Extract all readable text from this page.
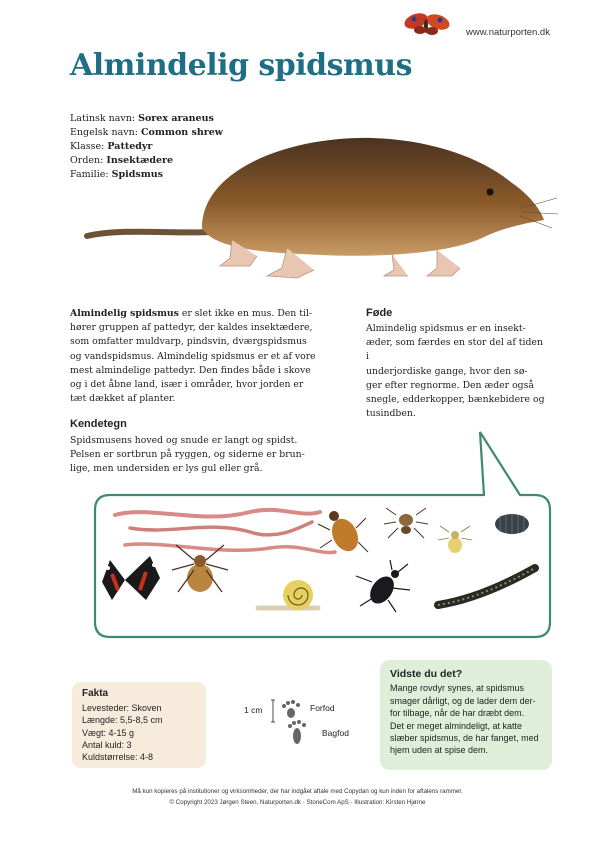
www.naturporten.dk
Almindelig spidsmus
Latinsk navn: Sorex araneus
Engelsk navn: Common shrew
Klasse: Pattedyr
Orden: Insektædere
Familie: Spidsmus
Almindelig spidsmus er slet ikke en mus. Den til-
hører gruppen af pattedyr, der kaldes insektædere,
som omfatter muldvarp, pindsvin, dværgspidsmus
og vandspidsmus. Almindelig spidsmus er et af vore
mest almindelige pattedyr. Den findes både i skove
og i det åbne land, især i områder, hvor jorden er
tæt dækket af planter.
Kendetegn
Spidsmusens hoved og snude er langt og spidst.
Pelsen er sortbrun på ryggen, og siderne er brun-
lige, men undersiden er lys gul eller grå.
Føde
Almindelig spidsmus er en insekt-
æder, som færdes en stor del af tiden i
underjordiske gange, hvor den sø-
ger efter regnorme. Den æder også
snegle, edderkopper, bænkebidere og
tusindben.
Fakta
Levesteder: Skoven
Længde: 5,5-8,5 cm
Vægt: 4-15 g
Antal kuld: 3
Kuldstørrelse: 4-8
1 cm	Forfod
Bagfod
Vidste du det?
Mange rovdyr synes, at spidsmus
smager dårligt, og de lader dem der-
for tilbage, når de har dræbt dem.
Det er meget almindeligt, at katte
slæber spidsmus, de har fanget, med
hjem uden at spise dem.
Må kun kopieres på institutioner og virksomheder, der har indgået aftale med Copydan og kun inden for aftalens rammer.
© Copyright 2023 Jørgen Steen, Naturporten.dk · StoneCom ApS · Illustration: Kirsten Hjørne
